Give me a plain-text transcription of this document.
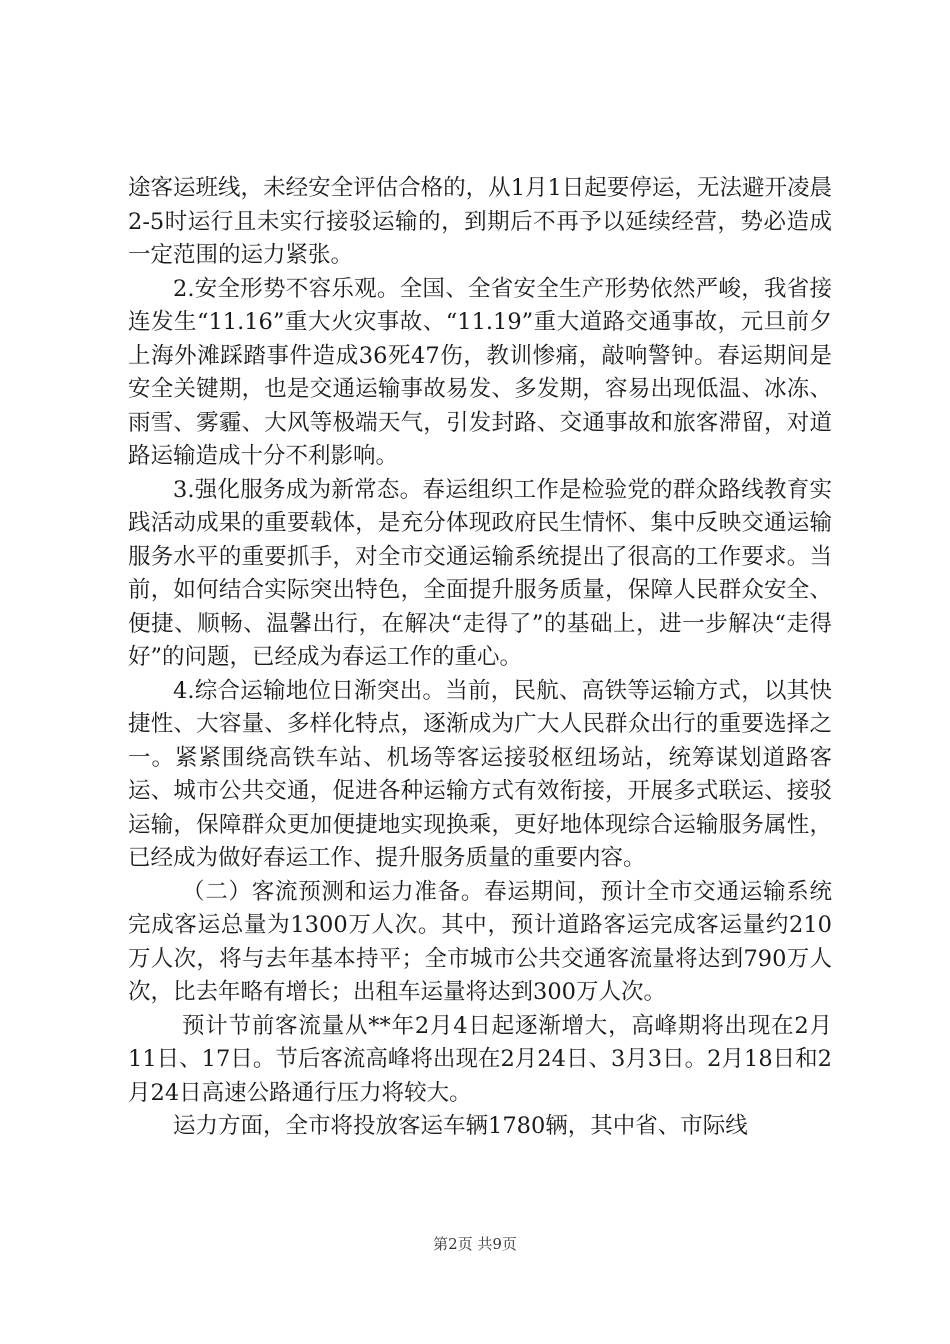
途客运班线，未经安全评估合格的，从1月1日起要停运，无法避开凌晨2-5时运行且未实行接驳运输的，到期后不再予以延续经营，势必造成一定范围的运力紧张。

2.安全形势不容乐观。全国、全省安全生产形势依然严峻，我省接连发生“11.16”重大火灾事故、“11.19”重大道路交通事故，元旦前夕上海外滩踩踏事件造成36死47伤，教训惨痛，敲响警钟。春运期间是安全关键期，也是交通运输事故易发、多发期，容易出现低温、冰冻、雨雪、雾霾、大风等极端天气，引发封路、交通事故和旅客滞留，对道路运输造成十分不利影响。

3.强化服务成为新常态。春运组织工作是检验党的群众路线教育实践活动成果的重要载体，是充分体现政府民生情怀、集中反映交通运输服务水平的重要抓手，对全市交通运输系统提出了很高的工作要求。当前，如何结合实际突出特色，全面提升服务质量，保障人民群众安全、便捷、顺畅、温馨出行，在解决“走得了”的基础上，进一步解决“走得好”的问题，已经成为春运工作的重心。

4.综合运输地位日渐突出。当前，民航、高铁等运输方式，以其快捷性、大容量、多样化特点，逐渐成为广大人民群众出行的重要选择之一。紧紧围绕高铁车站、机场等客运接驳枢纽场站，统筹谋划道路客运、城市公共交通，促进各种运输方式有效衔接，开展多式联运、接驳运输，保障群众更加便捷地实现换乘，更好地体现综合运输服务属性，已经成为做好春运工作、提升服务质量的重要内容。

（二）客流预测和运力准备。春运期间，预计全市交通运输系统完成客运总量为1300万人次。其中，预计道路客运完成客运量约210万人次，将与去年基本持平；全市城市公共交通客流量将达到790万人次，比去年略有增长；出租车运量将达到300万人次。

预计节前客流量从**年2月4日起逐渐增大，高峰期将出现在2月11日、17日。节后客流高峰将出现在2月24日、3月3日。2月18日和2月24日高速公路通行压力将较大。

运力方面，全市将投放客运车辆1780辆，其中省、市际线

第2页 共9页
